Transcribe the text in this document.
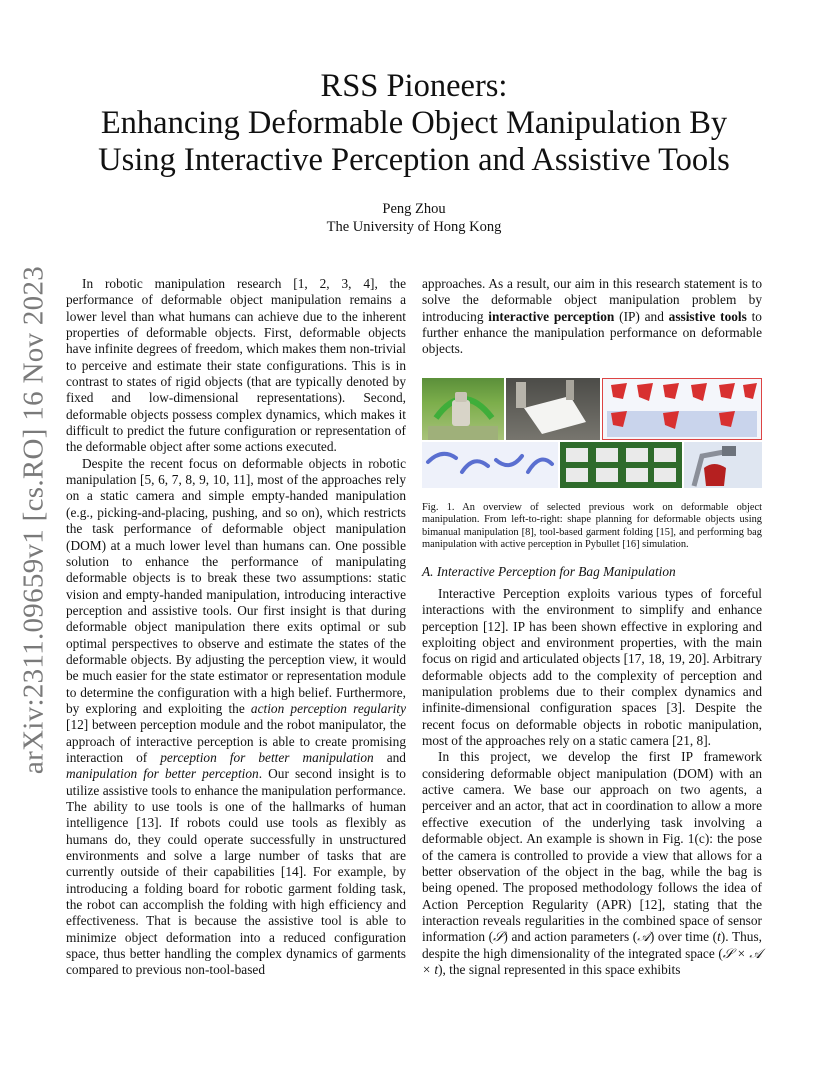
arXiv:2311.09659v1 [cs.RO] 16 Nov 2023
RSS Pioneers:
Enhancing Deformable Object Manipulation By
Using Interactive Perception and Assistive Tools
Peng Zhou
The University of Hong Kong

In robotic manipulation research [1, 2, 3, 4], the performance of deformable object manipulation remains a lower level than what humans can achieve due to the inherent properties of deformable objects. First, deformable objects have infinite degrees of freedom, which makes them non-trivial to perceive and estimate their state configurations. This is in contrast to states of rigid objects (that are typically denoted by fixed and low-dimensional representations). Second, deformable objects possess complex dynamics, which makes it difficult to predict the future configuration or representation of the deformable object after some actions executed.

Despite the recent focus on deformable objects in robotic manipulation [5, 6, 7, 8, 9, 10, 11], most of the approaches rely on a static camera and simple empty-handed manipulation (e.g., picking-and-placing, pushing, and so on), which restricts the task performance of deformable object manipulation (DOM) at a much lower level than humans can. One possible solution to enhance the performance of manipulating deformable objects is to break these two assumptions: static vision and empty-handed manipulation, introducing interactive perception and assistive tools. Our first insight is that during deformable object manipulation there exits optimal or sub optimal perspectives to observe and estimate the states of the deformable objects. By adjusting the perception view, it would be much easier for the state estimator or representation module to determine the configuration with a high belief. Furthermore, by exploring and exploiting the action perception regularity [12] between perception module and the robot manipulator, the approach of interactive perception is able to create promising interaction of perception for better manipulation and manipulation for better perception. Our second insight is to utilize assistive tools to enhance the manipulation performance. The ability to use tools is one of the hallmarks of human intelligence [13]. If robots could use tools as flexibly as humans do, they could operate successfully in unstructured environments and solve a large number of tasks that are currently outside of their capabilities [14]. For example, by introducing a folding board for robotic garment folding task, the robot can accomplish the folding with high efficiency and effectiveness. That is because the assistive tool is able to minimize object deformation into a reduced configuration space, thus better handling the complex dynamics of garments compared to previous non-tool-based

approaches. As a result, our aim in this research statement is to solve the deformable object manipulation problem by introducing interactive perception (IP) and assistive tools to further enhance the manipulation performance on deformable objects.

Fig. 1. An overview of selected previous work on deformable object manipulation. From left-to-right: shape planning for deformable objects using bimanual manipulation [8], tool-based garment folding [15], and performing bag manipulation with active perception in Pybullet [16] simulation.
A. Interactive Perception for Bag Manipulation

Interactive Perception exploits various types of forceful interactions with the environment to simplify and enhance perception [12]. IP has been shown effective in exploring and exploiting object and environment properties, with the main focus on rigid and articulated objects [17, 18, 19, 20]. Arbitrary deformable objects add to the complexity of perception and manipulation problems due to their complex dynamics and infinite-dimensional configuration spaces [3]. Despite the recent focus on deformable objects in robotic manipulation, most of the approaches rely on a static camera [21, 8].

In this project, we develop the first IP framework considering deformable object manipulation (DOM) with an active camera. We base our approach on two agents, a perceiver and an actor, that act in coordination to allow a more effective execution of the underlying task involving a deformable object. An example is shown in Fig. 1(c): the pose of the camera is controlled to provide a view that allows for a better observation of the object in the bag, while the bag is being opened. The proposed methodology follows the idea of Action Perception Regularity (APR) [12], stating that the interaction reveals regularities in the combined space of sensor information (𝒮) and action parameters (𝒜) over time (t). Thus, despite the high dimensionality of the integrated space (𝒮 × 𝒜 × t), the signal represented in this space exhibits
